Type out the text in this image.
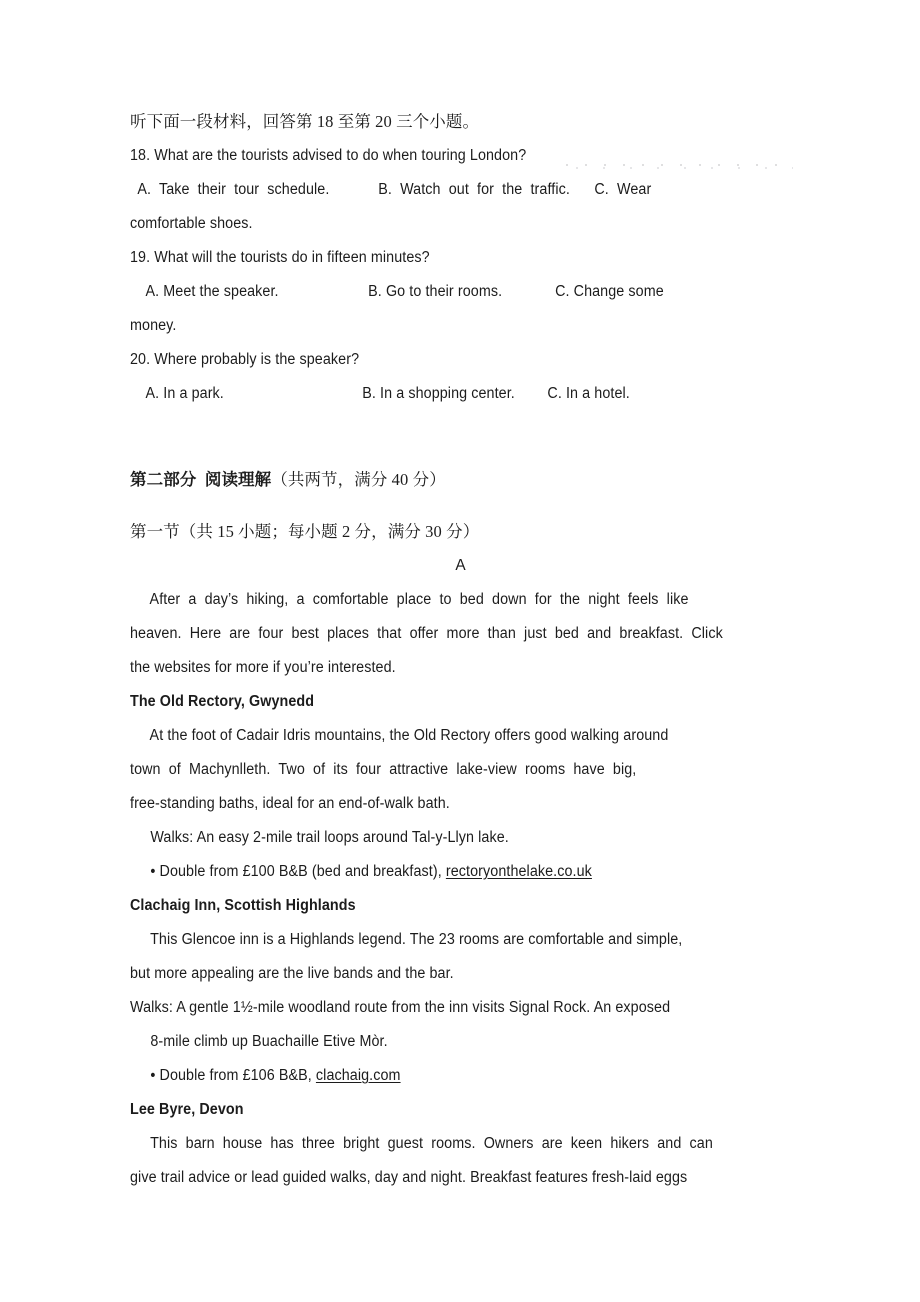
听下面一段材料，回答第 18 至第 20 三个小题。
18. What are the tourists advised to do when touring London?
A.  Take  their  tour  schedule.            B.  Watch  out  for  the  traffic.      C.  Wear
comfortable shoes.
19. What will the tourists do in fifteen minutes?
A. Meet the speaker.                      B. Go to their rooms.             C. Change some
money.
20. Where probably is the speaker?
A. In a park.                                  B. In a shopping center.        C. In a hotel.
第二部分  阅读理解（共两节，满分 40 分）
第一节（共 15 小题；每小题 2 分，满分 30 分）
A
After  a  day’s  hiking,  a  comfortable  place  to  bed  down  for  the  night  feels  like
heaven.  Here  are  four  best  places  that  offer  more  than  just  bed  and  breakfast.  Click
the websites for more if you’re interested.
The Old Rectory, Gwynedd
At the foot of Cadair Idris mountains, the Old Rectory offers good walking around
town  of  Machynlleth.  Two  of  its  four  attractive  lake-view  rooms  have  big,
free-standing baths, ideal for an end-of-walk bath.
Walks: An easy 2-mile trail loops around Tal-y-Llyn lake.
• Double from £100 B&B (bed and breakfast), rectoryonthelake.co.uk
Clachaig Inn, Scottish Highlands
This Glencoe inn is a Highlands legend. The 23 rooms are comfortable and simple,
but more appealing are the live bands and the bar.
Walks: A gentle 1½-mile woodland route from the inn visits Signal Rock. An exposed
8-mile climb up Buachaille Etive Mòr.
• Double from £106 B&B, clachaig.com
Lee Byre, Devon
This  barn  house  has  three  bright  guest  rooms.  Owners  are  keen  hikers  and  can
give trail advice or lead guided walks, day and night. Breakfast features fresh-laid eggs
